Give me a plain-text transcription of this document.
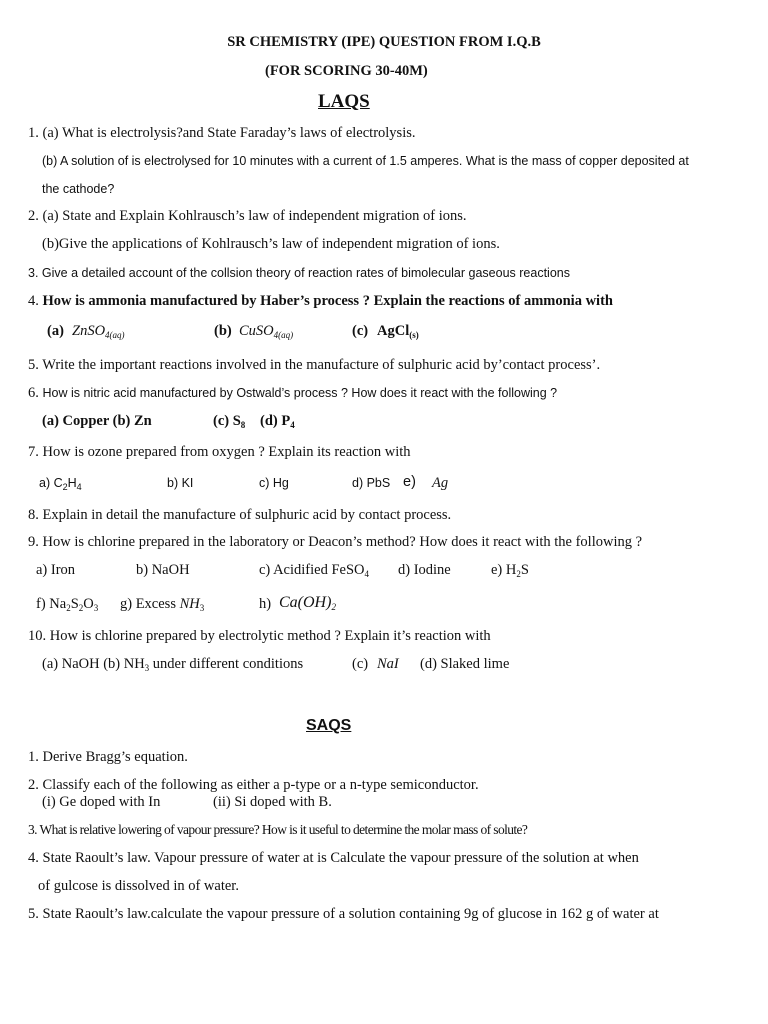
SR CHEMISTRY (IPE) QUESTION FROM I.Q.B
(FOR SCORING 30-40M)
LAQS
1. (a) What is electrolysis?and State Faraday’s laws of electrolysis.
(b) A solution of is electrolysed for 10 minutes with a current of 1.5 amperes. What is the mass of copper deposited at
the cathode?
2. (a) State and Explain Kohlrausch’s law of independent migration of ions.
(b)Give the applications of Kohlrausch’s law of independent migration of ions.
3. Give a detailed account of the collsion theory of reaction rates of bimolecular gaseous reactions
4. How is ammonia manufactured by Haber’s process ? Explain the reactions of ammonia with
(a) ZnSO$_{4(aq)}$	(b) CuSO$_{4(aq)}$	(c) AgCl$_{(s)}$
5. Write the important reactions involved in the manufacture of sulphuric acid by’contact process’.
6. How is nitric acid manufactured by Ostwald’s process ? How does it react with the following ?
(a) Copper (b) Zn	(c) $S_8$ (d) $P_4$
7. How is ozone prepared from oxygen ? Explain its reaction with
a) $C_2H_4$	b) KI	c) Hg	d) PbS e) Ag
8. Explain in detail the manufacture of sulphuric acid by contact process.
9. How is chlorine prepared in the laboratory or Deacon’s method? How does it react with the following ?
a) Iron	b) NaOH	c) Acidified FeSO$_4$ d) Iodine	e) $H_2S$
f) $Na_2S_2O_3$ g) Excess $NH_3$	h) $Ca(OH)_2$
10. How is chlorine prepared by electrolytic method ? Explain it’s reaction with
(a) NaOH (b) $NH_3$ under different conditions	(c) NaI (d) Slaked lime
SAQS
1. Derive Bragg’s equation.
2. Classify each of the following as either a p-type or a n-type semiconductor.
(i) Ge doped with In	(ii) Si doped with B.
3. What is relative lowering of vapour pressure? How is it useful to determine the molar mass of solute?
4. State Raoult’s law. Vapour pressure of water at is Calculate the vapour pressure of the solution at when
of gulcose is dissolved in of water.
5. State Raoult’s law.calculate the vapour pressure of a solution containing 9g of glucose in 162 g of water at
